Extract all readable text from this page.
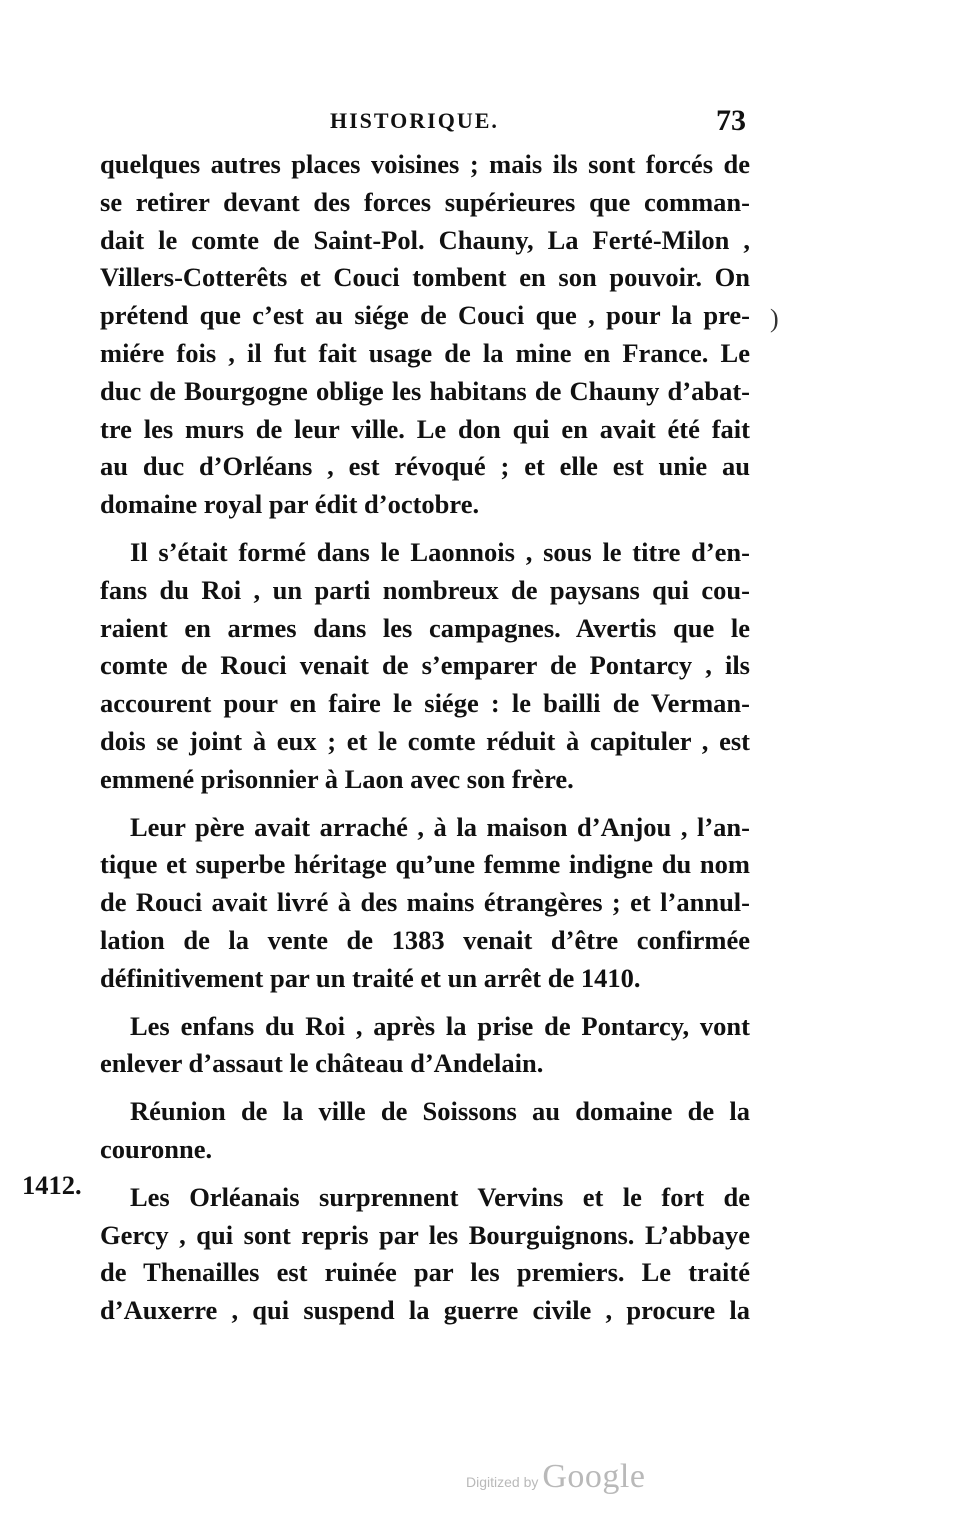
HISTORIQUE.	73
)
1412.

quelques autres places voisines ; mais ils sont forcés de
se retirer devant des forces supérieures que comman-
dait le comte de Saint-Pol. Chauny, La Ferté-Milon ,
Villers-Cotterêts et Couci tombent en son pouvoir. On
prétend que c’est au siége de Couci que , pour la pre-
miére fois , il fut fait usage de la mine en France. Le
duc de Bourgogne oblige les habitans de Chauny d’abat-
tre les murs de leur ville. Le don qui en avait été fait
au duc d’Orléans , est révoqué ; et elle est unie au
domaine royal par édit d’octobre.

Il s’était formé dans le Laonnois , sous le titre d’en-
fans du Roi , un parti nombreux de paysans qui cou-
raient en armes dans les campagnes. Avertis que le
comte de Rouci venait de s’emparer de Pontarcy , ils
accourent pour en faire le siége : le bailli de Verman-
dois se joint à eux ; et le comte réduit à capituler , est
emmené prisonnier à Laon avec son frère.

Leur père avait arraché , à la maison d’Anjou , l’an-
tique et superbe héritage qu’une femme indigne du nom
de Rouci avait livré à des mains étrangères ; et l’annul-
lation de la vente de 1383 venait d’être confirmée
définitivement par un traité et un arrêt de 1410.

Les enfans du Roi , après la prise de Pontarcy, vont
enlever d’assaut le château d’Andelain.

Réunion de la ville de Soissons au domaine de la
couronne.

Les Orléanais surprennent Vervins et le fort de
Gercy , qui sont repris par les Bourguignons. L’abbaye
de Thenailles est ruinée par les premiers. Le traité
d’Auxerre , qui suspend la guerre civile , procure la

Digitized by Google
